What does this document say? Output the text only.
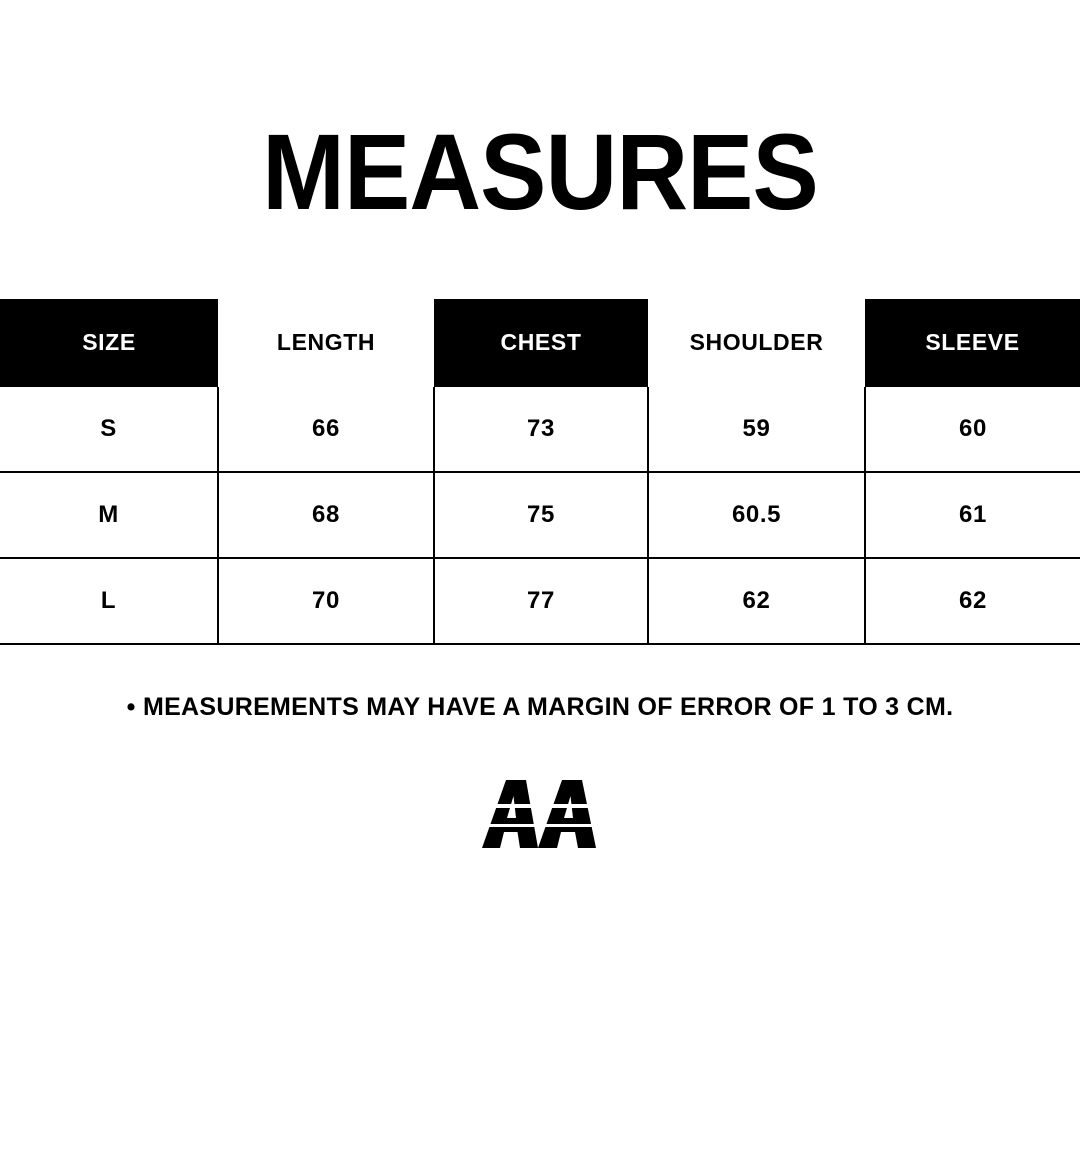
MEASURES
SIZE	LENGTH	CHEST	SHOULDER	SLEEVE
S	66	73	59	60
M	68	75	60.5	61
L	70	77	62	62
• MEASUREMENTS MAY HAVE A MARGIN OF ERROR OF 1 TO 3 CM.
